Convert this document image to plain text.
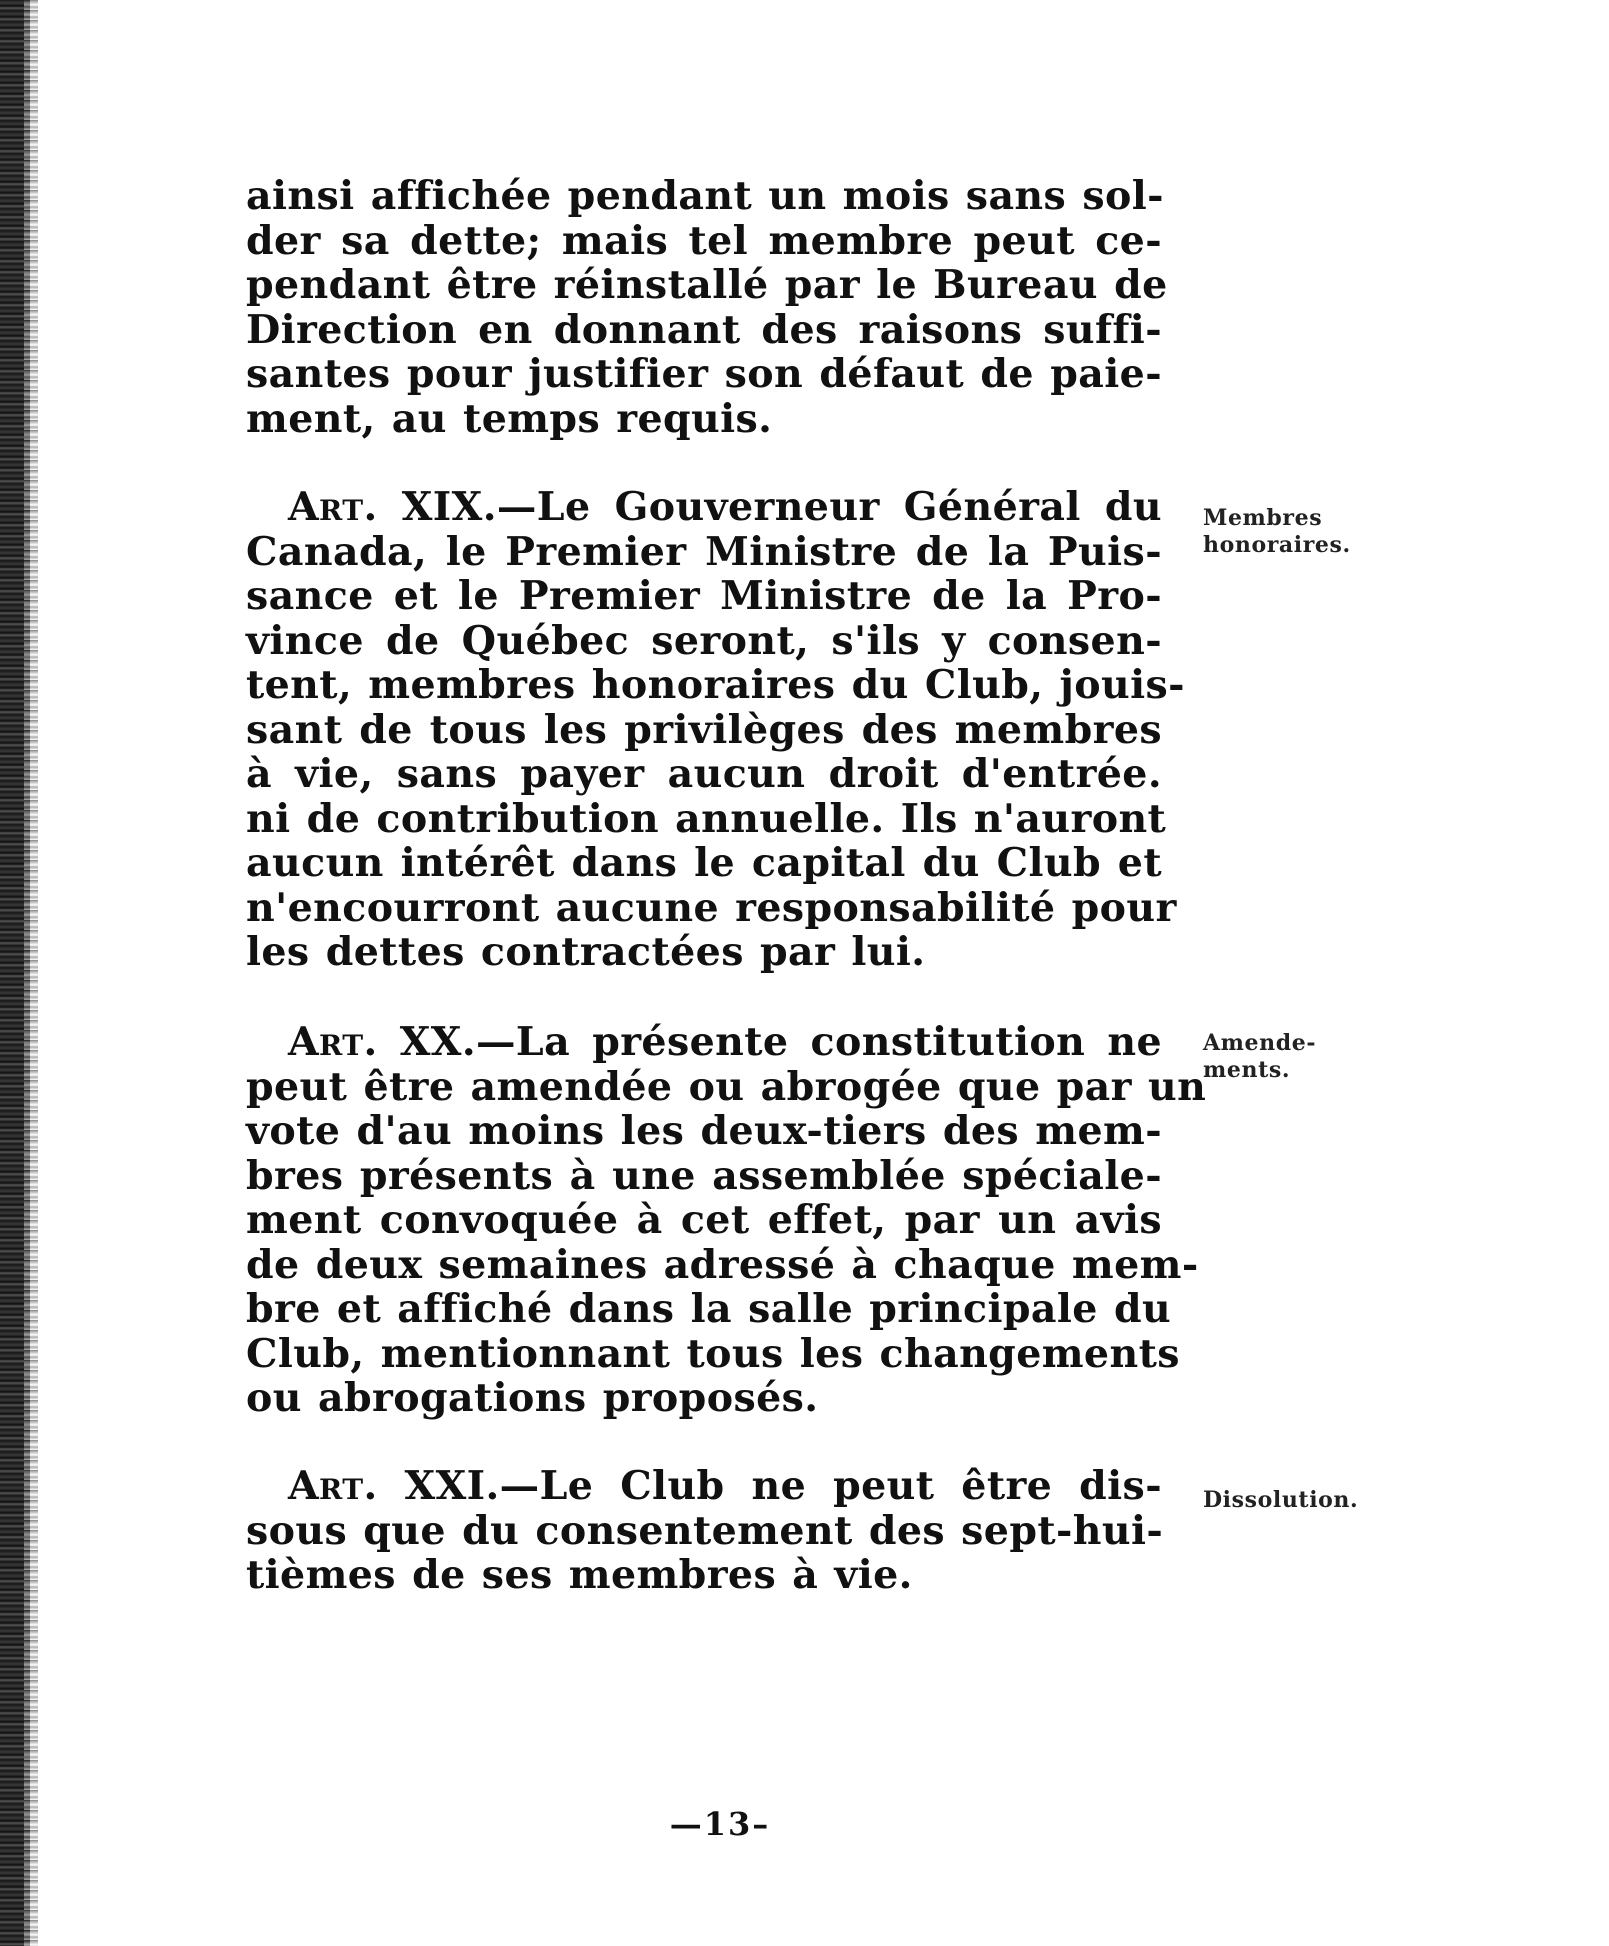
ainsi affichée pendant un mois sans sol-
der sa dette; mais tel membre peut ce-
pendant être réinstallé par le Bureau de
Direction en donnant des raisons suffi-
santes pour justifier son défaut de paie-
ment, au temps requis.
Art. XIX.—Le Gouverneur Général du
Canada, le Premier Ministre de la Puis-
sance et le Premier Ministre de la Pro-
vince de Québec seront, s'ils y consen-
tent, membres honoraires du Club, jouis-
sant de tous les privilèges des membres
à vie, sans payer aucun droit d'entrée.
ni de contribution annuelle. Ils n'auront
aucun intérêt dans le capital du Club et
n'encourront aucune responsabilité pour
les dettes contractées par lui.
Art. XX.—La présente constitution ne
peut être amendée ou abrogée que par un
vote d'au moins les deux-tiers des mem-
bres présents à une assemblée spéciale-
ment convoquée à cet effet, par un avis
de deux semaines adressé à chaque mem-
bre et affiché dans la salle principale du
Club, mentionnant tous les changements
ou abrogations proposés.
Art. XXI.—Le Club ne peut être dis-
sous que du consentement des sept-hui-
tièmes de ses membres à vie.
Membres
honoraires.
Amende-
ments.
Dissolution.
—13–
